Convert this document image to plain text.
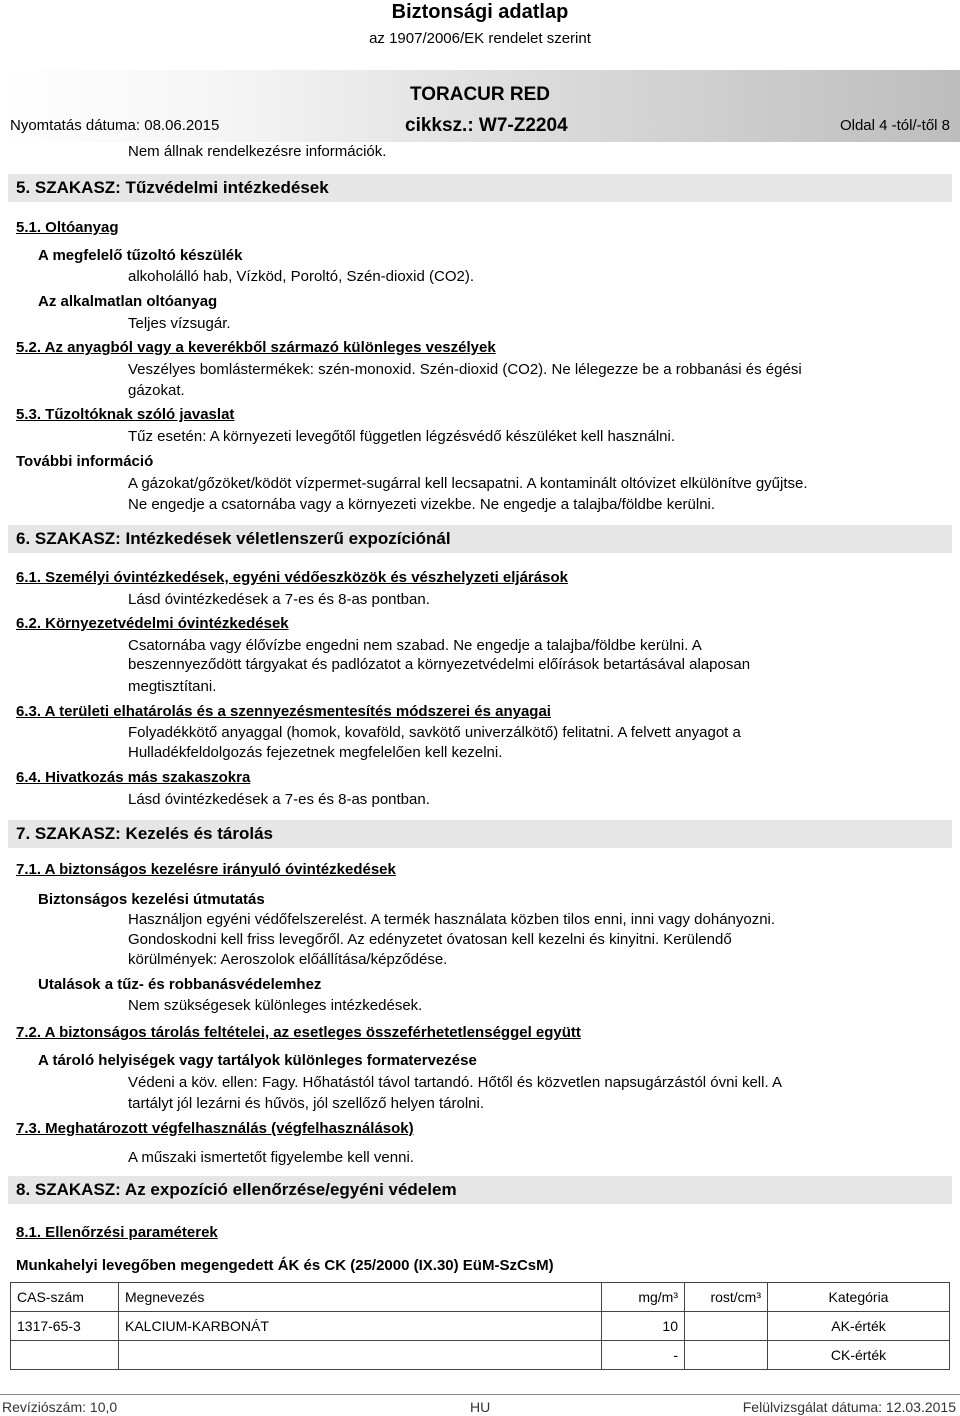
Biztonsági adatlap
az 1907/2006/EK rendelet szerint
TORACUR RED
Nyomtatás dátuma: 08.06.2015	cikksz.: W7-Z2204	Oldal 4 -tól/-től 8
Nem állnak rendelkezésre információk.
5. SZAKASZ: Tűzvédelmi intézkedések
5.1. Oltóanyag
A megfelelő tűzoltó készülék
alkoholálló hab, Vízköd, Poroltó, Szén-dioxid (CO2).
Az alkalmatlan oltóanyag
Teljes vízsugár.
5.2. Az anyagból vagy a keverékből származó különleges veszélyek
Veszélyes bomlástermékek: szén-monoxid. Szén-dioxid (CO2). Ne lélegezze be a robbanási és égési
gázokat.
5.3. Tűzoltóknak szóló javaslat
Tűz esetén: A környezeti levegőtől független légzésvédő készüléket kell használni.
További információ
A gázokat/gőzöket/ködöt vízpermet-sugárral kell lecsapatni. A kontaminált oltóvizet elkülönítve gyűjtse.
Ne engedje a csatornába vagy a környezeti vizekbe. Ne engedje a talajba/földbe kerülni.
6. SZAKASZ: Intézkedések véletlenszerű expozíciónál
6.1. Személyi óvintézkedések, egyéni védőeszközök és vészhelyzeti eljárások
Lásd óvintézkedések a 7-es és 8-as pontban.
6.2. Környezetvédelmi óvintézkedések
Csatornába vagy élővízbe engedni nem szabad. Ne engedje a talajba/földbe kerülni. A
beszennyeződött tárgyakat és padlózatot a környezetvédelmi előírások betartásával alaposan
megtisztítani.
6.3. A területi elhatárolás és a szennyezésmentesítés módszerei és anyagai
Folyadékkötő anyaggal (homok, kovaföld, savkötő univerzálkötő) felitatni. A felvett anyagot a
Hulladékfeldolgozás fejezetnek megfelelően kell kezelni.
6.4. Hivatkozás más szakaszokra
Lásd óvintézkedések a 7-es és 8-as pontban.
7. SZAKASZ: Kezelés és tárolás
7.1. A biztonságos kezelésre irányuló óvintézkedések
Biztonságos kezelési útmutatás
Használjon egyéni védőfelszerelést. A termék használata közben tilos enni, inni vagy dohányozni.
Gondoskodni kell friss levegőről. Az edényzetet óvatosan kell kezelni és kinyitni. Kerülendő
körülmények: Aeroszolok előállítása/képződése.
Utalások a tűz- és robbanásvédelemhez
Nem szükségesek különleges intézkedések.
7.2. A biztonságos tárolás feltételei, az esetleges összeférhetetlenséggel együtt
A tároló helyiségek vagy tartályok különleges formatervezése
Védeni a köv. ellen: Fagy. Hőhatástól távol tartandó. Hőtől és közvetlen napsugárzástól óvni kell. A
tartályt jól lezárni és hűvös, jól szellőző helyen tárolni.
7.3. Meghatározott végfelhasználás (végfelhasználások)
A műszaki ismertetőt figyelembe kell venni.
8. SZAKASZ: Az expozíció ellenőrzése/egyéni védelem
8.1. Ellenőrzési paraméterek
Munkahelyi levegőben megengedett ÁK és CK (25/2000 (IX.30) EüM-SzCsM)
CAS-szám	Megnevezés	mg/m³	rost/cm³	Kategória
1317-65-3	KALCIUM-KARBONÁT	10		AK-érték
		-		CK-érték
Revíziószám: 10,0	HU	Felülvizsgálat dátuma: 12.03.2015
